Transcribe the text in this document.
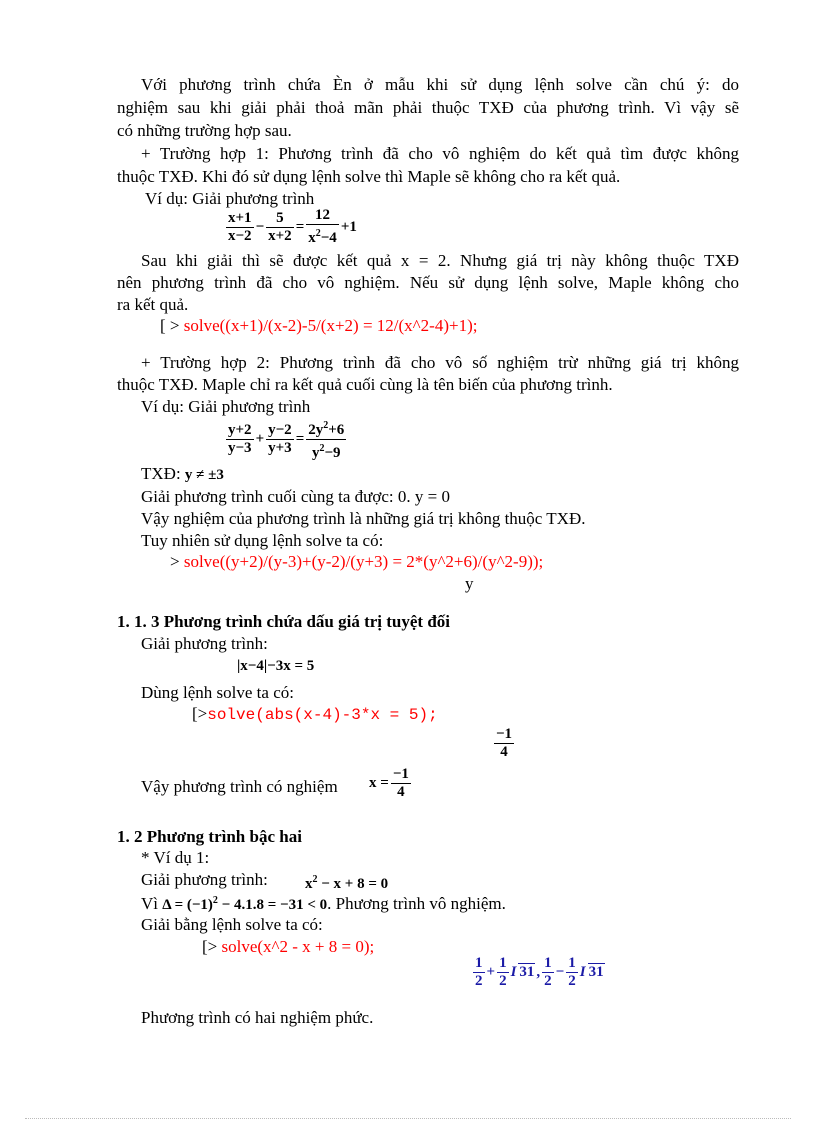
Với phương trình chứa Èn ở mẫu khi sử dụng lệnh solve cần chú ý: do
nghiệm sau khi giải phải thoả mãn phải thuộc TXĐ của phương trình. Vì vậy sẽ
có những trường hợp sau.
+ Trường hợp 1: Phương trình đã cho vô nghiệm do kết quả tìm được không
thuộc TXĐ. Khi đó sử dụng lệnh solve thì Maple sẽ không cho ra kết quả.
Ví dụ: Giải phương trình
$\frac{x+1}{x-2} - \frac{5}{x+2} = \frac{12}{x^2-4} +1$
Sau khi giải thì sẽ được kết quả x = 2. Nhưng giá trị này không thuộc TXĐ
nên phương trình đã cho vô nghiệm. Nếu sử dụng lệnh solve, Maple không cho
ra kết quả.
[ > solve((x+1)/(x-2)-5/(x+2) = 12/(x^2-4)+1);
+ Trường hợp 2: Phương trình đã cho vô số nghiệm trừ những giá trị không
thuộc TXĐ. Maple chỉ ra kết quả cuối cùng là tên biến của phương trình.
Ví dụ: Giải phương trình
$\frac{y+2}{y-3} + \frac{y-2}{y+3} = \frac{2y^2+6}{y^2-9}$
TXĐ: y ≠ ±3
Giải phương trình cuối cùng ta được: 0. y = 0
Vậy nghiệm của phương trình là những giá trị không thuộc TXĐ.
Tuy nhiên sử dụng lệnh solve ta có:
> solve((y+2)/(y-3)+(y-2)/(y+3) = 2*(y^2+6)/(y^2-9));
y
1. 1. 3 Phương trình chứa dấu giá trị tuyệt đối
Giải phương trình:
|x−4|−3x = 5
Dùng lệnh solve ta có:
[>solve(abs(x-4)-3*x = 5);
$\frac{-1}{4}$
Vậy phương trình có nghiệm $x = \frac{-1}{4}$
1. 2 Phương trình bậc hai
* Ví dụ 1:
Giải phương trình: $x^2 - x + 8 = 0$
Vì $\Delta = (-1)^2 - 4.1.8 = -31 < 0$. Phương trình vô nghiệm.
Giải bằng lệnh solve ta có:
[> solve(x^2 - x + 8 = 0);
$\frac{1}{2} + \frac{1}{2}$ I 31 , $\frac{1}{2} - \frac{1}{2}$ I 31
Phương trình có hai nghiệm phức.
